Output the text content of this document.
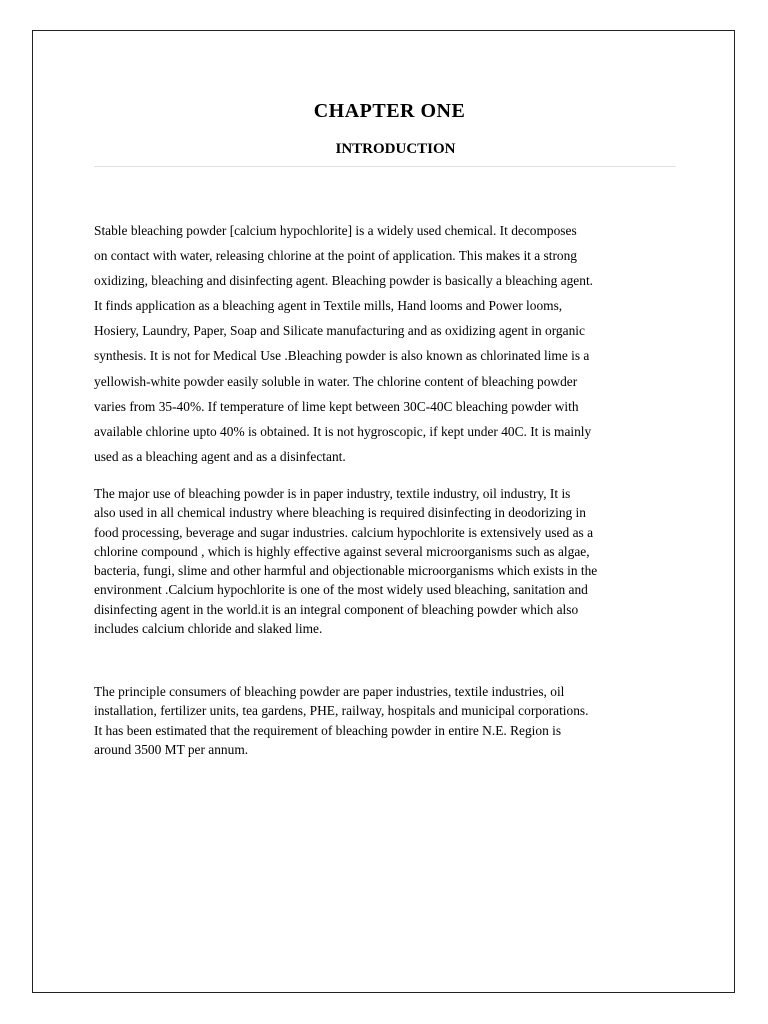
CHAPTER ONE
INTRODUCTION

Stable bleaching powder [calcium hypochlorite] is a widely used chemical. It decomposes
on contact with water, releasing chlorine at the point of application. This makes it a strong
oxidizing, bleaching and disinfecting agent. Bleaching powder is basically a bleaching agent.
It finds application as a bleaching agent in Textile mills, Hand looms and Power looms,
Hosiery, Laundry, Paper, Soap and Silicate manufacturing and as oxidizing agent in organic
synthesis. It is not for Medical Use .Bleaching powder is also known as chlorinated lime is a
yellowish-white powder easily soluble in water. The chlorine content of bleaching powder
varies from 35-40%. If temperature of lime kept between 30C-40C bleaching powder with
available chlorine upto 40% is obtained. It is not hygroscopic, if kept under 40C. It is mainly
used as a bleaching agent and as a disinfectant.

The major use of bleaching powder is in paper industry, textile industry, oil industry, It is
also used in all chemical industry where bleaching is required disinfecting in deodorizing in
food processing, beverage and sugar industries. calcium hypochlorite is extensively used as a
chlorine compound , which is highly effective against several microorganisms such as algae,
bacteria, fungi, slime and other harmful and objectionable microorganisms which exists in the
environment .Calcium hypochlorite is one of the most widely used bleaching, sanitation and
disinfecting agent in the world.it is an integral component of bleaching powder which also
includes calcium chloride and slaked lime.

The principle consumers of bleaching powder are paper industries, textile industries, oil
installation, fertilizer units, tea gardens, PHE, railway, hospitals and municipal corporations.
It has been estimated that the requirement of bleaching powder in entire N.E. Region is
around 3500 MT per annum.
